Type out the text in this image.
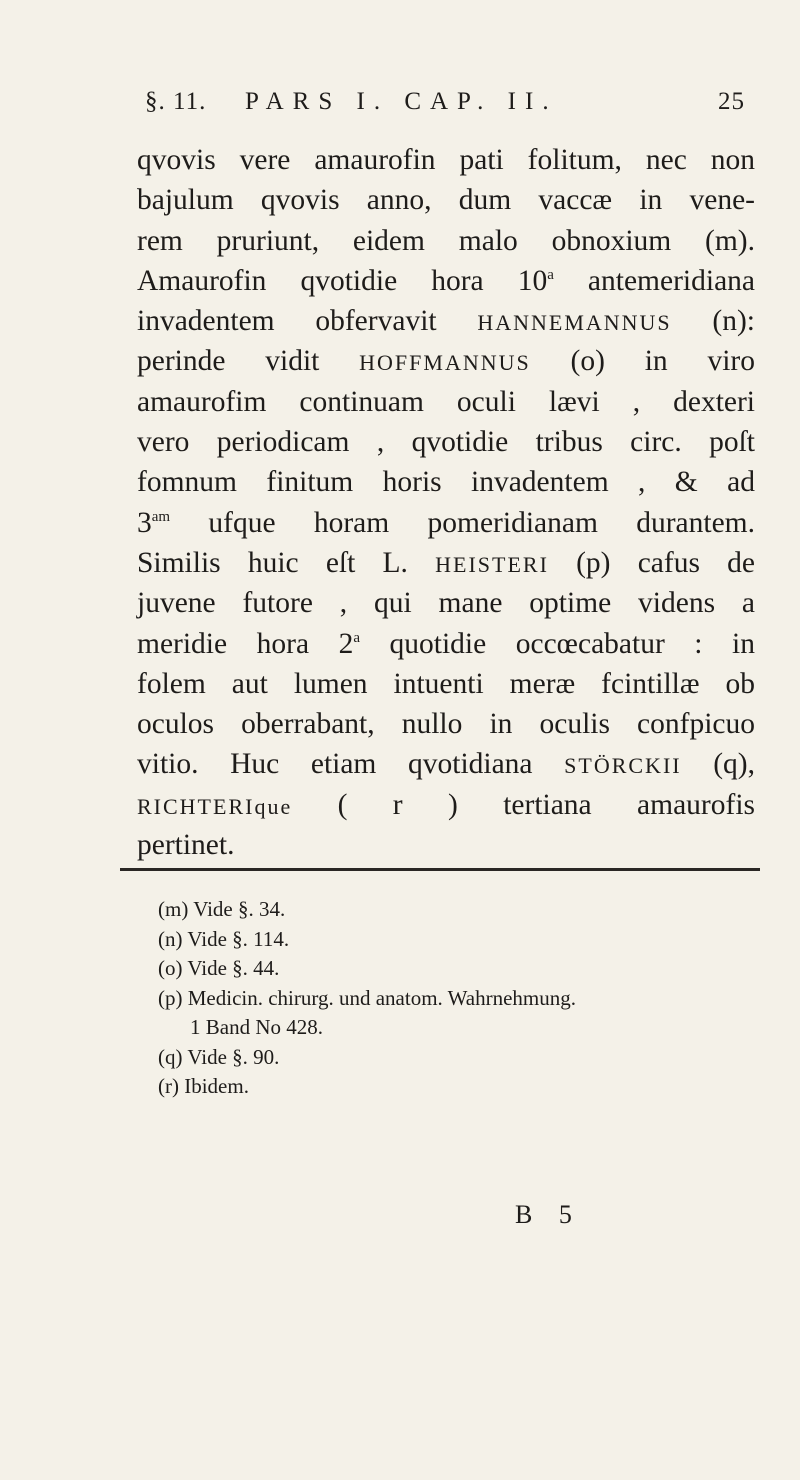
§. 11. PARS I. CAP. II.	25
qvovis vere amaurofin pati folitum, nec non
bajulum qvovis anno, dum vaccæ in vene-
rem pruriunt, eidem malo obnoxium (m).
Amaurofin qvotidie hora 10$^a$ antemeridiana
invadentem obfervavit HANNEMANNUS (n):
perinde vidit HOFFMANNUS (o) in viro
amaurofim continuam oculi lævi , dexteri
vero periodicam , qvotidie tribus circ. poſt
fomnum finitum horis invadentem , & ad
$3^{am}$ ufque horam pomeridianam durantem.
Similis huic eſt L. HEISTERI (p) cafus de
juvene futore , qui mane optime videns a
meridie hora 2$^a$ quotidie occœcabatur : in
folem aut lumen intuenti meræ fcintillæ ob
oculos oberrabant, nullo in oculis confpicuo
vitio. Huc etiam qvotidiana STÖRCKII (q),
RICHTERIque ( r ) tertiana amaurofis
pertinet.
(m) Vide §. 34.
(n) Vide §. 114.
(o) Vide §. 44.
(p) Medicin. chirurg. und anatom. Wahrnehmung.
1 Band No 428.
(q) Vide §. 90.
(r) Ibidem.
B 5
